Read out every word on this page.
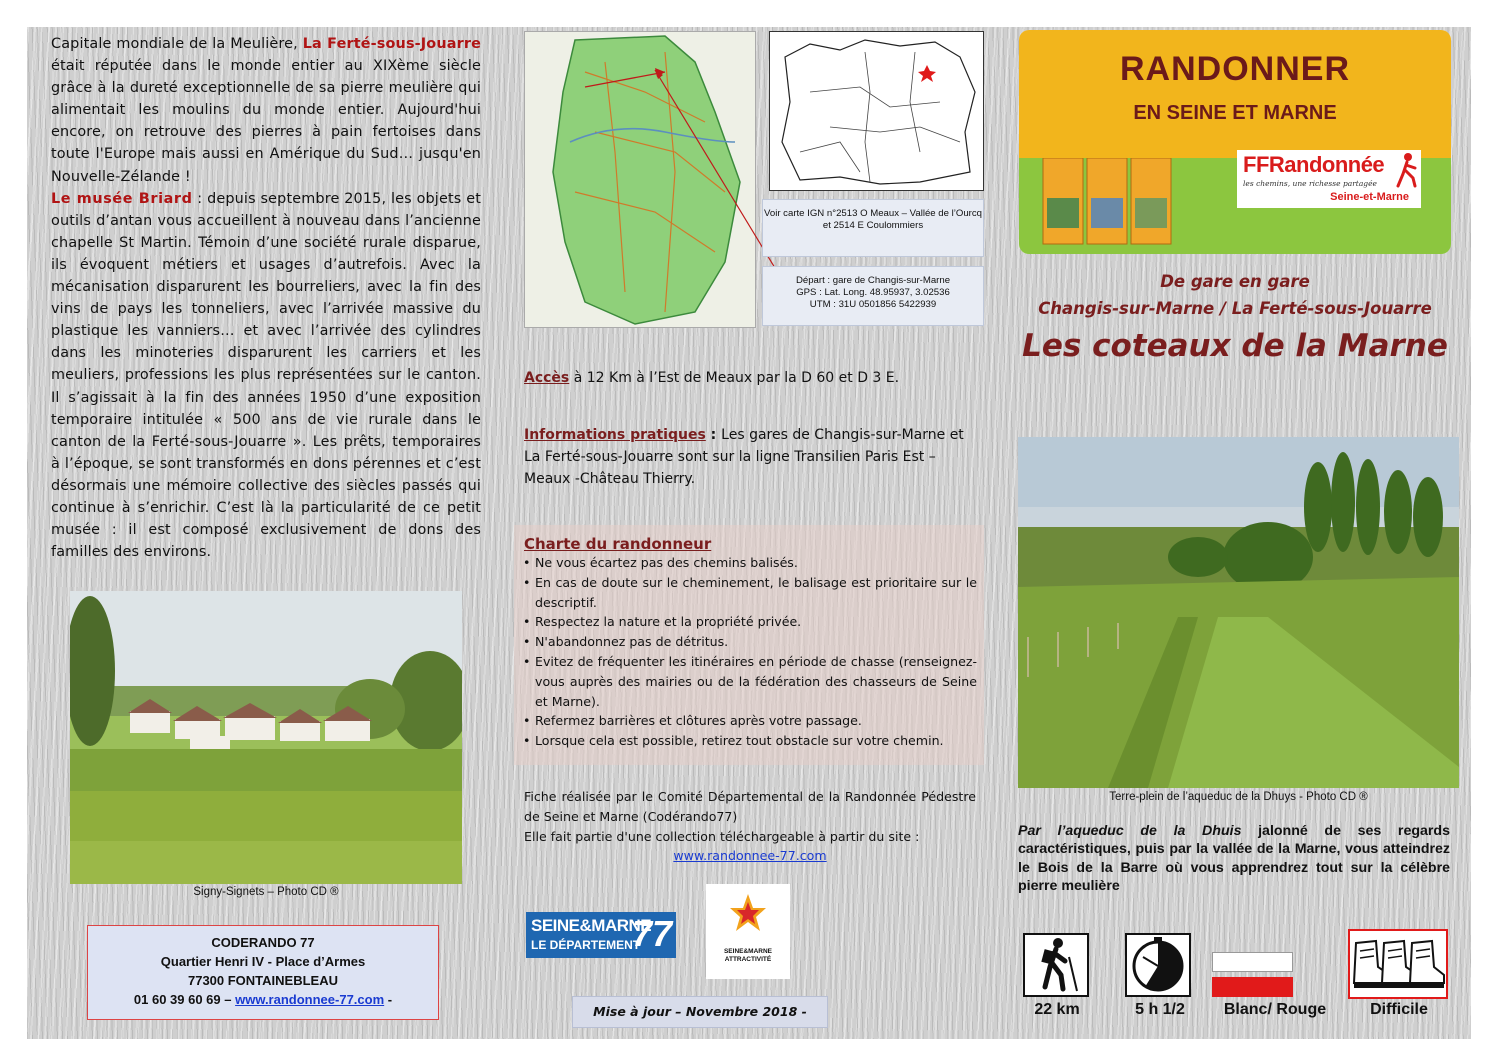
Capitale mondiale de la Meulière, La Ferté-sous-Jouarre était réputée dans le monde entier au XIXème siècle grâce à la dureté exceptionnelle de sa pierre meulière qui alimentait les moulins du monde entier. Aujourd'hui encore, on retrouve des pierres à pain fertoises dans toute l'Europe mais aussi en Amérique du Sud… jusqu'en Nouvelle-Zélande !
Le musée Briard : depuis septembre 2015, les objets et outils d’antan vous accueillent à nouveau dans l’ancienne chapelle St Martin. Témoin d’une société rurale disparue, ils évoquent métiers et usages d’autrefois. Avec la mécanisation disparurent les bourreliers, avec la fin des vins de pays les tonneliers, avec l’arrivée massive du plastique les vanniers… et avec l’arrivée des cylindres dans les minoteries disparurent les carriers et les meuliers, professions les plus représentées sur le canton. Il s’agissait à la fin des années 1950 d’une exposition temporaire intitulée « 500 ans de vie rurale dans le canton de la Ferté-sous-Jouarre ». Les prêts, temporaires à l’époque, se sont transformés en dons pérennes et c’est désormais une mémoire collective des siècles passés qui continue à s’enrichir. C’est là la particularité de ce petit musée : il est composé exclusivement de dons des familles des environs.
Signy-Signets – Photo CD ®
CODERANDO 77
Quartier Henri IV - Place d’Armes
77300 FONTAINEBLEAU
01 60 39 60 69 – www.randonnee-77.com -
Voir carte IGN n°2513 O Meaux – Vallée de l’Ourcq et 2514 E Coulommiers
Départ : gare de Changis-sur-Marne
GPS : Lat. Long. 48.95937, 3.02536
UTM : 31U 0501856 5422939
Accès à 12 Km à l’Est de Meaux par la D 60 et D 3 E.
Informations pratiques : Les gares de Changis-sur-Marne et La Ferté-sous-Jouarre sont sur la ligne Transilien Paris Est – Meaux -Château Thierry.
Charte du randonneur
• Ne vous écartez pas des chemins balisés.
• En cas de doute sur le cheminement, le balisage est prioritaire sur le descriptif.
• Respectez la nature et la propriété privée.
• N'abandonnez pas de détritus.
• Evitez de fréquenter les itinéraires en période de chasse (renseignez-vous auprès des mairies ou de la fédération des chasseurs de Seine et Marne).
• Refermez barrières et clôtures après votre passage.
• Lorsque cela est possible, retirez tout obstacle sur votre chemin.
Fiche réalisée par le Comité Départemental de la Randonnée Pédestre de Seine et Marne (Codérando77)
Elle fait partie d'une collection téléchargeable à partir du site :
www.randonnee-77.com
SEINE&MARNE
LE DÉPARTEMENT
77	SEINE&MARNE ATTRACTIVITÉ
Mise à jour – Novembre 2018 -
RANDONNER
EN SEINE ET MARNE
FFRandonnée
les chemins, une richesse partagée
Seine-et-Marne
De gare en gare
Changis-sur-Marne / La Ferté-sous-Jouarre
Les coteaux de la Marne
Terre-plein de l’aqueduc de la Dhuys - Photo CD ®
Par l’aqueduc de la Dhuis jalonné de ses regards caractéristiques, puis par la vallée de la Marne, vous atteindrez le Bois de la Barre où vous apprendrez tout sur la célèbre pierre meulière
22 km	5 h 1/2	Blanc/ Rouge	Difficile
